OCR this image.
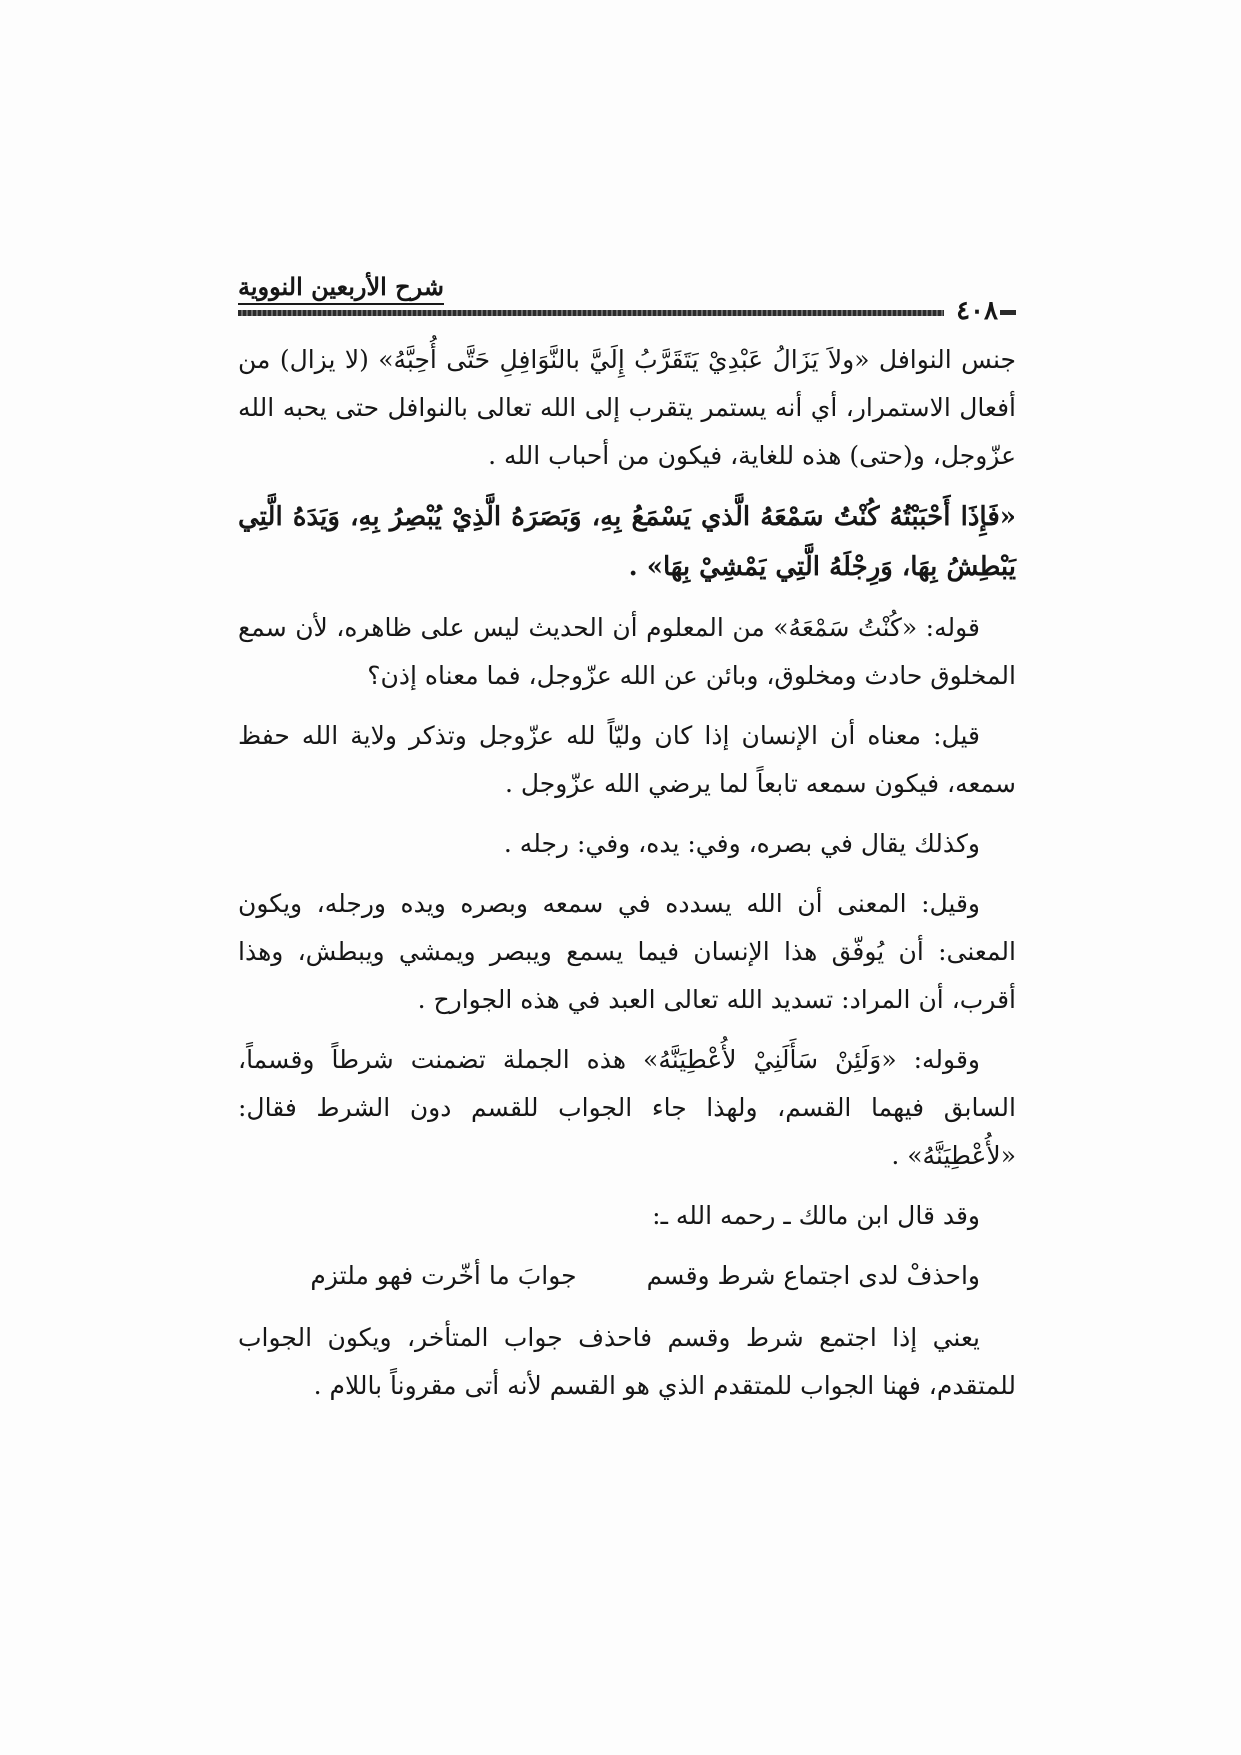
شرح الأربعين النووية
٤٠٨

جنس النوافل «ولاَ يَزَالُ عَبْدِيْ يَتَقَرَّبُ إِلَيَّ بالنَّوَافِلِ حَتَّى أُحِبَّهُ» (لا يزال) من أفعال الاستمرار، أي أنه يستمر يتقرب إلى الله تعالى بالنوافل حتى يحبه الله عزّوجل، و(حتى) هذه للغاية، فيكون من أحباب الله .

«فَإِذَا أَحْبَبْتُهُ كُنْتُ سَمْعَهُ الَّذي يَسْمَعُ بِهِ، وَبَصَرَهُ الَّذِيْ يُبْصِرُ بِهِ، وَيَدَهُ الَّتِي يَبْطِشُ بِهَا، وَرِجْلَهُ الَّتِي يَمْشِيْ بِهَا» .

قوله: «كُنْتُ سَمْعَهُ» من المعلوم أن الحديث ليس على ظاهره، لأن سمع المخلوق حادث ومخلوق، وبائن عن الله عزّوجل، فما معناه إذن؟

قيل: معناه أن الإنسان إذا كان وليّاً لله عزّوجل وتذكر ولاية الله حفظ سمعه، فيكون سمعه تابعاً لما يرضي الله عزّوجل .

وكذلك يقال في بصره، وفي: يده، وفي: رجله .

وقيل: المعنى أن الله يسدده في سمعه وبصره ويده ورجله، ويكون المعنى: أن يُوفّق هذا الإنسان فيما يسمع ويبصر ويمشي ويبطش، وهذا أقرب، أن المراد: تسديد الله تعالى العبد في هذه الجوارح .

وقوله: «وَلَئِنْ سَأَلَنِيْ لأُعْطِيَنَّهُ» هذه الجملة تضمنت شرطاً وقسماً، السابق فيهما القسم، ولهذا جاء الجواب للقسم دون الشرط فقال: «لأُعْطِيَنَّهُ» .

وقد قال ابن مالك ـ رحمه الله ـ:

واحذفْ لدى اجتماع شرط وقسم
جوابَ ما أخّرت فهو ملتزم

يعني إذا اجتمع شرط وقسم فاحذف جواب المتأخر، ويكون الجواب للمتقدم، فهنا الجواب للمتقدم الذي هو القسم لأنه أتى مقروناً باللام .
